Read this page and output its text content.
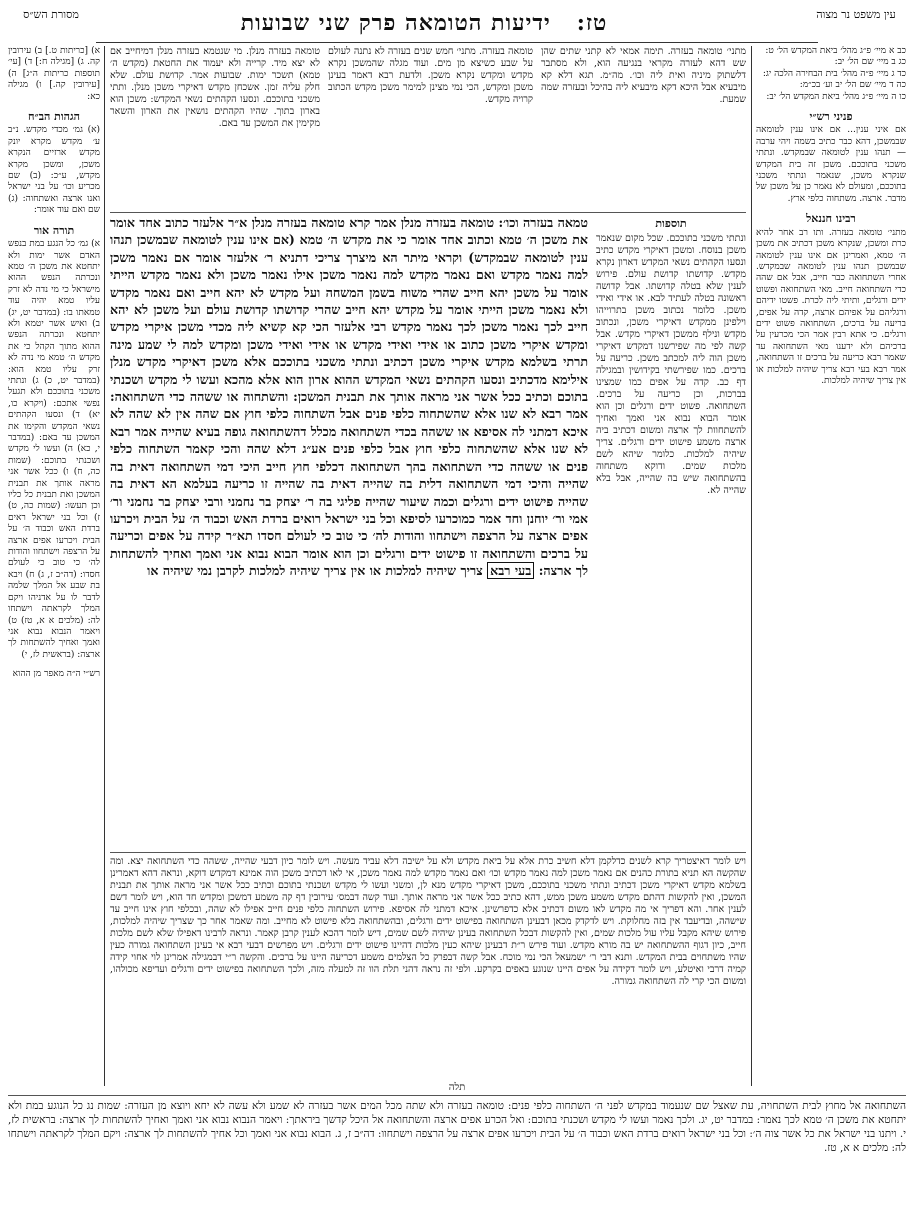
עין משפט נר מצוה
טז:   ידיעות הטומאה פרק שני שבועות
מסורת הש״ס
כב א מיי׳ פ״ג מהל׳ ביאת המקדש הל׳ ט:
כג ב מיי׳ שם הל׳ יב:
כד ג מיי׳ פ״ה מהל׳ בית הבחירה הלכה יג:
כה ד מיי׳ שם הל׳ יב וע׳ בכ״מ:
כו ה מיי׳ פ״ג מהל׳ ביאת המקדש הל׳ יב:
פניני רש״י
אם איני ענין... אם אינו ענין לטומאה שבמשכן, דהא כבר כתיב בשמה ויהי ערבה — תנהו ענין לטומאה שבמקדש. ונתתי משכני בתוככם. משכן זה בית המקדש שנקרא משכן, שנאמר ונתתי משכני בתוככם, ומעולם לא נאמר כן על משכן של מדבר. ארצה. משתחוה כלפי ארץ.
רבינו חננאל
מתני׳ טומאה בעזרה. ותו רב אחר להיא כרת ומשכן, שנקרא משכן דכתיב את משכן ה׳ טמא, ואמרינן אם אינו ענין לטומאה שבמשכן תנהו ענין לטומאה שבמקדש. אחרי השתחואה כבר חייב, אבל אם שהה כדי השתחואה חייב. מאי השתחואה ופשוט ידים ורגלים, ותיתי ליה לכרת. פשטו ידיהם ורגליהם על אפיהם ארצה, קדה על אפים, בריעה על ברכים, השתחואה פשוט ידים ורגלים. כי אתא רבין אמר הכי מכרעין על ברכיהם ולא ידענו מאי השתחואה עד שאמר רבא כריעה על ברכים זו השתחואה, אמר רבא בעי רבא צריך שיהיה למלכות או אין צריך שיהיה למלכות.
א) [כריתות ט.] ב) עירובין קה. ג) [מגילה ח:] ד) [עי׳ תוספות כריתות ה״ג] ה) [עירובין קה.] ו) מגילה כא:
הגהות הב״ח
(א) גמ׳ מכדי מקדש. נ״ב ע׳ מקדש מקרא יונק מקדש ארזיים הנקרא משכן, ומשכן מקרא מקדש, ע״כ: (ב) שם מכריע וכו׳ על בני ישראל ואנו ארצה ואשתחוה: (ג) שם ואם עוד אומר:
תורה אור
א) גמ׳ כל הנגע במת בנפש האדם אשר ימות ולא יתחטא את משכן ה׳ טמא ונכרתה הנפש ההוא מישראל כי מי נדה לא זרק עליו טמא יהיה עוד טמאתו בו: (במדבר יט, יג) ב) ואיש אשר יטמא ולא יתחטא ונכרתה הנפש ההוא מתוך הקהל כי את מקדש ה׳ טמא מי נדה לא זרק עליו טמא הוא: (במדבר יט, כ) ג) ונתתי משכני בתוככם ולא תגעל נפשי אתכם: (ויקרא כו, יא) ד) ונסעו הקהתים נשאי המקדש והקימו את המשכן עד באם: (במדבר י, כא) ה) ועשו לי מקדש ושכנתי בתוכם: (שמות כה, ח) ו) ככל אשר אני מראה אותך את תבנית המשכן ואת תבנית כל כליו וכן תעשו: (שמות כה, ט) ז) וכל בני ישראל ראים ברדת האש וכבוד ה׳ על הבית ויכרעו אפים ארצה על הרצפה וישתחוו והודות לה׳ כי טוב כי לעולם חסדו: (דה״ב ז, ג) ח) ויבא בת שבע אל המלך שלמה לדבר לו על אדניהו ויקם המלך לקראתה וישתחו לה: (מלכים א א, טז) ט) ויאמר הנבוא נבוא אני ואמך ואחיך להשתחות לך ארצה: (בראשית לז, י)
רש״י ה״ה מאפר מן ההוא
מתני׳ טומאה בעזרה. תימה אמאי לא קתני שתים שהן שש דהא לעזרה מקראי בנגיעה הוא, ולא מסתבר דלשתוק מיניה ואית ליה וכו׳. מה״מ. תגא דלא קא מיבעיא אבל היכא דקא מיבעיא ליה בהיכל ובעזרה שמה שמעת.
טומאה בעזרה. מתני׳ חמש שנים בעזרה לא נתנה לעולם על שבע כשיצא מן מים. ועוד מגלה שהמשכן נקרא מקדש ומקדש נקרא משכן. ולדעת רבא דאמר בעינן משכן ומקדש, הכי נמי מצינן למימר משכן מקדש הכתוב קרויה מקדש.
טומאה בעזרה מנלן. מי שנטמא בעזרה מנלן דמיחייב אם לא יצא מיד. קרייה ולא יעמוד את החטאת (מקדש ה׳ טמא) תשכר ימות. שבועות אמר. קדושת עולם. שלא חלק עליה זמן. אשכחן מקדש דאיקרי משכן מנלן. ותתי משכני בתוככם. ונסעו הקהתים נשאי המקדש: משכן הוא בארון בתוך. שהיו הקהתים נושאין את הארון והשאר מקימין את המשכן עד באם.
תוספות
ונתתי משכני בתוככם. שכל מקום שנאמר משכן בנוסח. ומשכן דאיקרי מקדש כתיב ונסעו הקהתים נשאי המקדש דארון נקרא מקדש. קדושתו קדושת עולם. פירוש לענין שלא בטלה קדושתו. אבל קדושה ראשונה בטלה לעתיד לבא. או אידי ואידי משכן. כלומר נכתוב משכן בתרוייהו וילפינן ממקדש דאיקרי משכן, ונכתוב מקדש ונילף ממשכן דאיקרי מקדש. אבל קשה לפי מה שפירשנו דמקדש דאיקרי משכן הוה ליה למכתב משכן. כריעה על ברכים. כמו שפירשתי בקידושין ובמגילה דף כב. קדה על אפים כמו שמצינו בברכות, וכן כריעה על ברכים. השתחואה. פשוט ידים ורגלים וכן הוא אומר הבוא נבוא אני ואמך ואחיך להשתחוות לך ארצה ומשום דכתיב ביה ארצה משמע פישוט ידים ורגלים. צריך שיהיה למלכות. כלומר שיהא לשם מלכות שמים. ודוקא משתחוה בהשתחואה שיש בה שהייה, אבל בלא שהייה לא.
טמאה בעזרה וכו׳: טומאה בעזרה מנלן אמר קרא טומאה בעזרה מנלן א״ר אלעזר כתוב אחד אומר את משכן ה׳ טמא וכתוב אחד אומר כי את מקדש ה׳ טמא (אם אינו ענין לטומאה שבמשכן תנהו ענין לטומאה שבמקדש) וקראי מיתר הא מיצרך צריכי דתניא ר׳ אלעזר אומר אם נאמר משכן למה נאמר מקדש ואם נאמר מקדש למה נאמר משכן אילו נאמר משכן ולא נאמר מקדש הייתי אומר על משכן יהא חייב שהרי משוח בשמן המשחה ועל מקדש לא יהא חייב ואם נאמר מקדש ולא נאמר משכן הייתי אומר על מקדש יהא חייב שהרי קדושתו קדושת עולם ועל משכן לא יהא חייב לכך נאמר משכן לכך נאמר מקדש רבי אלעזר הכי קא קשיא ליה מכדי משכן איקרי מקדש ומקדש איקרי משכן כתוב או אידי ואידי מקדש או אידי ואידי משכן ומקדש למה לי שמע מינה תרתי בשלמא מקדש איקרי משכן דכתיב ונתתי משכני בתוככם אלא משכן דאיקרי מקדש מנלן אילימא מדכתיב ונסעו הקהתים נשאי המקדש ההוא ארון הוא אלא מהכא ועשו לי מקדש ושכנתי בתוכם וכתיב ככל אשר אני מראה אותך את תבנית המשכן: והשתחוה או ששהה כדי השתחואה: אמר רבא לא שנו אלא שהשתחוה כלפי פנים אבל השתחוה כלפי חוץ אם שהה אין לא שהה לא איכא דמתני לה אסיפא או ששהה בכדי השתחואה מכלל דהשתחואה גופה בעיא שהייה אמר רבא לא שנו אלא שהשתחוה כלפי חוץ אבל כלפי פנים אע״ג דלא שהה והכי קאמר השתחוה כלפי פנים או ששהה כדי השתחואה בהך השתחואה דכלפי חוץ חייב היכי דמי השתחואה דאית בה שהייה והיכי דמי השתחואה דלית בה שהייה דאית בה שהייה זו כריעה בעלמא הא דאית בה שהייה פישוט ידים ורגלים וכמה שיעור שהייה פליגי בה ר׳ יצחק בר נחמני ורבי יצחק בר נחמני ור׳ אמי ור׳ יוחנן וחד אמר כמוכרעו לסיפא וכל בני ישראל רואים ברדת האש וכבוד ה׳ על הבית ויכרעו אפים ארצה על הרצפה וישתחוו והודות לה׳ כי טוב כי לעולם חסדו תא״ר קידה על אפים וכריעה על ברכים והשתחואה זו פישוט ידים ורגלים וכן הוא אומר הבוא נבוא אני ואמך ואחיך להשתחות לך ארצה: בעי רבא צריך שיהיה למלכות או אין צריך שיהיה למלכות לקרבן נמי שיהיה או
ויש לומר דאיצטריך קרא לשנים כדלקמן דלא חשיב כרת אלא על ביאת מקדש ולא על ישיבה דלא עביד מעשה. ויש לומר כיון דבעי שהייה, ששהה כדי השתחואה יצא. ומה שהקשה הא תניא בתורת כהנים אם נאמר משכן למה נאמר מקדש וכו׳ ואם נאמר מקדש למה נאמר משכן, אי לאו דכתיב משכן הוה אמינא דמקדש דוקא, ונראה דהא דאמרינן בשלמא מקדש דאיקרי משכן דכתיב ונתתי משכני בתוככם, משכן דאיקרי מקדש מנא לן, ומשני ועשו לי מקדש ושכנתי בתוכם וכתיב ככל אשר אני מראה אותך את תבנית המשכן, ואין להקשות דהתם מקדש משמע משכן ממש, דהא כתיב ככל אשר אני מראה אותך. ועוד קשה דבמס׳ עירובין דף קה משמע דמשכן ומקדש חד הוא, ויש לומר דשם לענין אחר. והא דפריך אי מה מקדש לאו משום דכתיב אלא כדפרשינן. איכא דמתני לה אסיפא. פירוש השתחוה כלפי פנים חייב אפילו לא שהה, ובכלפי חוץ אינו חייב עד שישהה, ובדיעבד אין בזה מחלוקת. ויש לדקדק מכאן דבעינן השתחואה בפישוט ידים ורגלים, ובהשתחואה בלא פישוט לא מחייב. ומה שאמר אחר כך שצריך שיהיה למלכות, פירוש שיהא מקבל עליו עול מלכות שמים, ואין להקשות דבכל השתחואה בעינן שיהיה לשם שמים, דיש לומר דהכא לענין קרבן קאמר. ונראה לרבינו דאפילו שלא לשם מלכות חייב, כיון דגוף ההשתחואה יש בה מורא מקדש. ועוד פירש ר״ת דבעינן שיהא כעין מלכות דהיינו פישוט ידים ורגלים. ויש מפרשים דבעי רבא אי בעינן השתחואה גמורה כעין שהיו משתחוים בבית המקדש. ותנא דבי ר׳ ישמעאל הכי נמי מוכח. אבל קשה דבפרק כל הצלמים משמע דכריעה היינו על ברכים. והקשה ר״י דבמגילה אמרינן לוי אחוי קידה קמיה דרבי ואיטלע, ויש לומר דקידה על אפים היינו שנוגע באפים בקרקע. ולפי זה נראה דהני תלת הוו זה למעלה מזה, ולכך השתחואה בפישוט ידים ורגלים ועדיפא מכולהו, ומשום הכי קרי לה השתחואה גמורה.
תלה
השתחואה אל מחוץ לבית השתחויה, עת שאצל שם שנעמוד במקדש לפני ה׳ השתחוה כלפי פנים: טומאה בעזרה ולא שתה מכל המים אשר בעזרה לא שמע ולא עשה לא יחא ויוצא מן העזרה: שמות נג כל הנוגע במת ולא יתחטא את משכן ה׳ טמא לכך נאמר: במדבר יט, יג. ולכך נאמר ועשו לי מקדש ושכנתי בתוכם: ואל הכרע אפים ארצה והשתחואה אל היכל קדשך ביראתך: ויאמר הנבוא נבוא אני ואמך ואחיך להשתחות לך ארצה: בראשית לז, י. ויתנו בני ישראל את כל אשר צוה ה׳: וכל בני ישראל רואים ברדת האש וכבוד ה׳ על הבית ויכרעו אפים ארצה על הרצפה וישתחוו: דה״ב ז, ג. הבוא נבוא אני ואמך וכל אחיך להשתחות לך ארצה: ויקם המלך לקראתה וישתחו לה: מלכים א א, טז.
